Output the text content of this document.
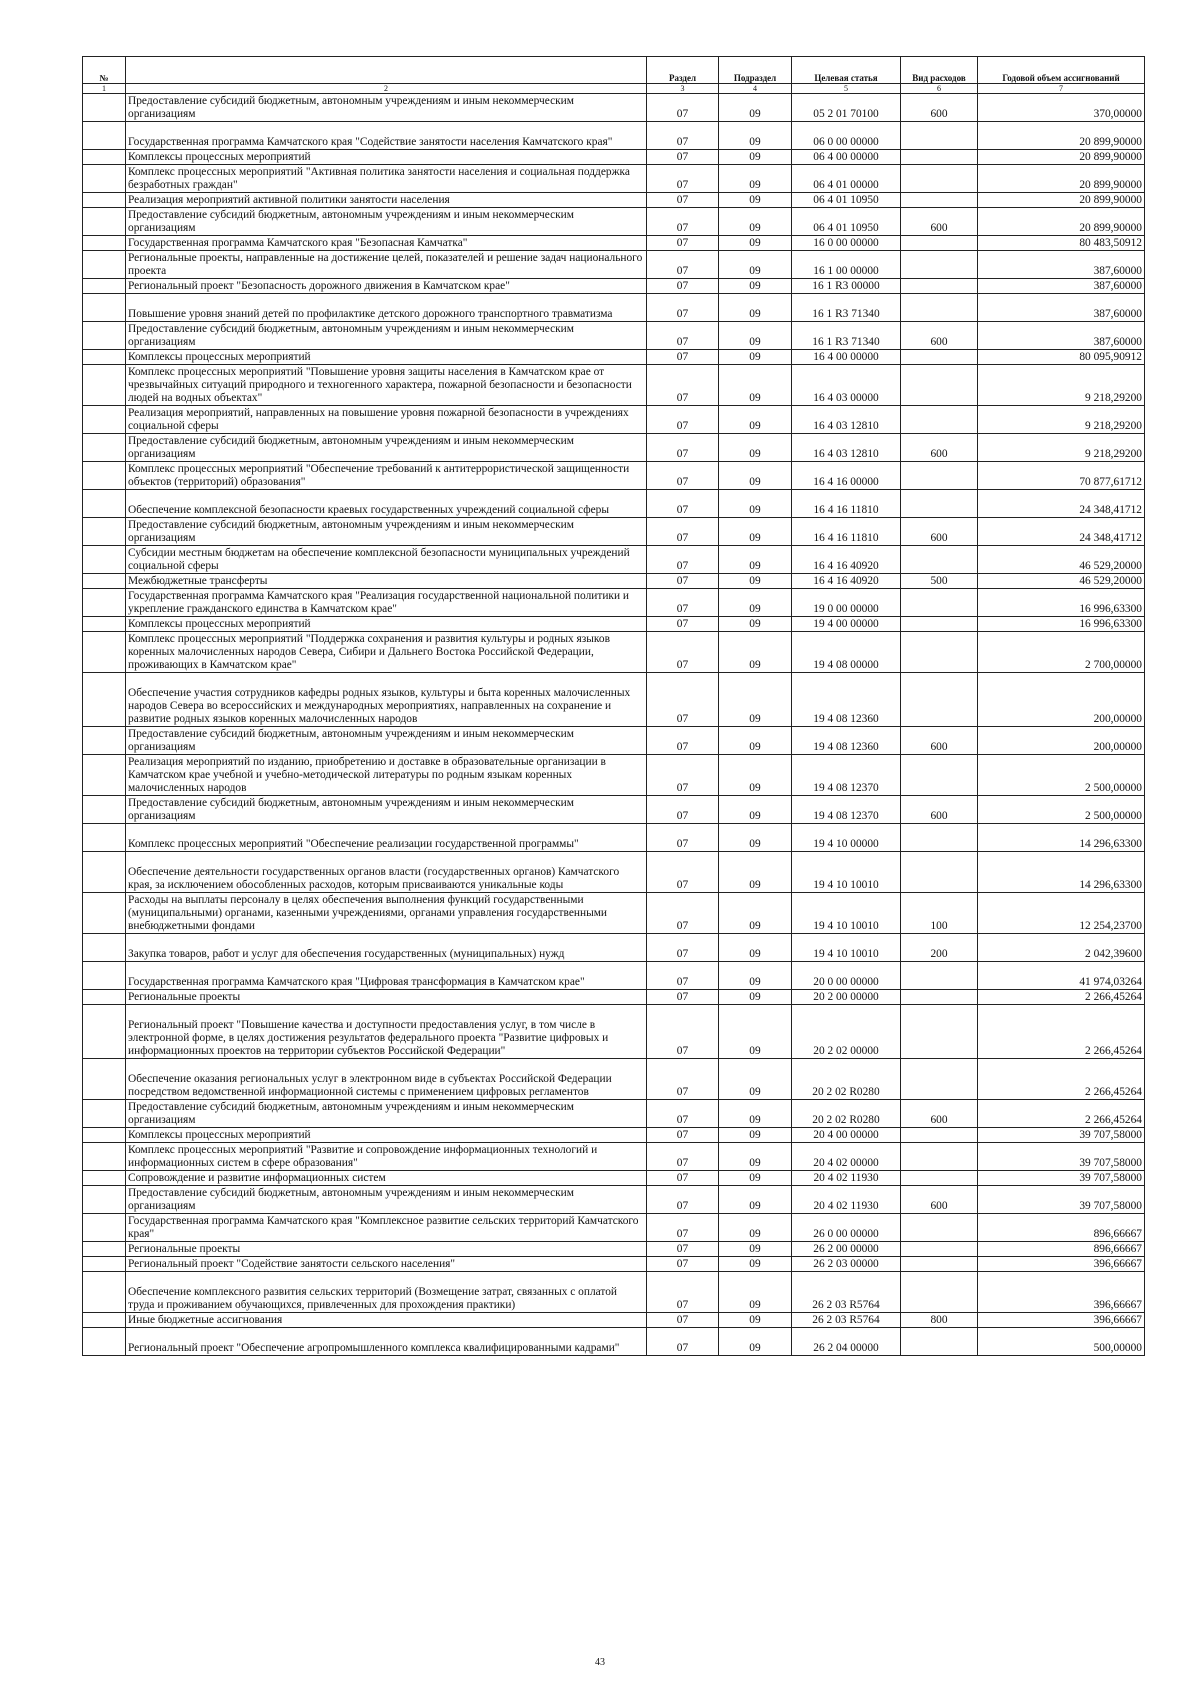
№		Раздел	Подраздел	Целевая статья	Вид расходов	Годовой объем ассигнований
1	2	3	4	5	6	7
	Предоставление субсидий бюджетным, автономным учреждениям и иным некоммерческим организациям	07	09	05 2 01 70100	600	370,00000
	Государственная программа Камчатского края "Содействие занятости населения Камчатского края"	07	09	06 0 00 00000		20 899,90000
	Комплексы процессных мероприятий	07	09	06 4 00 00000		20 899,90000
	Комплекс процессных мероприятий "Активная политика занятости населения и социальная поддержка безработных граждан"	07	09	06 4 01 00000		20 899,90000
	Реализация мероприятий активной политики занятости населения	07	09	06 4 01 10950		20 899,90000
	Предоставление субсидий бюджетным, автономным учреждениям и иным некоммерческим организациям	07	09	06 4 01 10950	600	20 899,90000
	Государственная программа Камчатского края "Безопасная Камчатка"	07	09	16 0 00 00000		80 483,50912
	Региональные проекты, направленные на достижение целей, показателей и решение задач национального проекта	07	09	16 1 00 00000		387,60000
	Региональный проект "Безопасность дорожного движения в Камчатском крае"	07	09	16 1 R3 00000		387,60000
	Повышение уровня знаний детей по профилактике детского дорожного транспортного травматизма	07	09	16 1 R3 71340		387,60000
	Предоставление субсидий бюджетным, автономным учреждениям и иным некоммерческим организациям	07	09	16 1 R3 71340	600	387,60000
	Комплексы процессных мероприятий	07	09	16 4 00 00000		80 095,90912
	Комплекс процессных мероприятий "Повышение уровня защиты населения в Камчатском крае от чрезвычайных ситуаций природного и техногенного характера, пожарной безопасности и безопасности людей на водных объектах"	07	09	16 4 03 00000		9 218,29200
	Реализация мероприятий, направленных на повышение уровня пожарной безопасности в учреждениях социальной сферы	07	09	16 4 03 12810		9 218,29200
	Предоставление субсидий бюджетным, автономным учреждениям и иным некоммерческим организациям	07	09	16 4 03 12810	600	9 218,29200
	Комплекс процессных мероприятий "Обеспечение требований к антитеррористической защищенности объектов (территорий) образования"	07	09	16 4 16 00000		70 877,61712
	Обеспечение комплексной безопасности краевых государственных учреждений социальной сферы	07	09	16 4 16 11810		24 348,41712
	Предоставление субсидий бюджетным, автономным учреждениям и иным некоммерческим организациям	07	09	16 4 16 11810	600	24 348,41712
	Субсидии местным бюджетам на обеспечение комплексной безопасности муниципальных учреждений социальной сферы	07	09	16 4 16 40920		46 529,20000
	Межбюджетные трансферты	07	09	16 4 16 40920	500	46 529,20000
	Государственная программа Камчатского края "Реализация государственной национальной политики и укрепление гражданского единства в Камчатском крае"	07	09	19 0 00 00000		16 996,63300
	Комплексы процессных мероприятий	07	09	19 4 00 00000		16 996,63300
	Комплекс процессных мероприятий "Поддержка сохранения и развития культуры и родных языков коренных малочисленных народов Севера, Сибири и Дальнего Востока Российской Федерации, проживающих в Камчатском крае"	07	09	19 4 08 00000		2 700,00000
	Обеспечение участия сотрудников кафедры родных языков, культуры и быта коренных малочисленных народов Севера во всероссийских и международных мероприятиях, направленных на сохранение и развитие родных языков коренных малочисленных народов	07	09	19 4 08 12360		200,00000
	Предоставление субсидий бюджетным, автономным учреждениям и иным некоммерческим организациям	07	09	19 4 08 12360	600	200,00000
	Реализация мероприятий по изданию, приобретению и доставке в образовательные организации в Камчатском крае учебной и учебно-методической литературы по родным языкам коренных малочисленных народов	07	09	19 4 08 12370		2 500,00000
	Предоставление субсидий бюджетным, автономным учреждениям и иным некоммерческим организациям	07	09	19 4 08 12370	600	2 500,00000
	Комплекс процессных мероприятий "Обеспечение реализации государственной программы"	07	09	19 4 10 00000		14 296,63300
	Обеспечение деятельности государственных органов власти (государственных органов) Камчатского края, за исключением обособленных расходов, которым присваиваются уникальные коды	07	09	19 4 10 10010		14 296,63300
	Расходы на выплаты персоналу в целях обеспечения выполнения функций государственными (муниципальными) органами, казенными учреждениями, органами управления государственными внебюджетными фондами	07	09	19 4 10 10010	100	12 254,23700
	Закупка товаров, работ и услуг для обеспечения государственных (муниципальных) нужд	07	09	19 4 10 10010	200	2 042,39600
	Государственная программа Камчатского края "Цифровая трансформация в Камчатском крае"	07	09	20 0 00 00000		41 974,03264
	Региональные проекты	07	09	20 2 00 00000		2 266,45264
	Региональный проект "Повышение качества и доступности предоставления услуг, в том числе в электронной форме, в целях достижения результатов федерального проекта "Развитие цифровых и информационных проектов на территории субъектов Российской Федерации"	07	09	20 2 02 00000		2 266,45264
	Обеспечение оказания региональных услуг в электронном виде в субъектах Российской Федерации посредством ведомственной информационной системы с применением цифровых регламентов	07	09	20 2 02 R0280		2 266,45264
	Предоставление субсидий бюджетным, автономным учреждениям и иным некоммерческим организациям	07	09	20 2 02 R0280	600	2 266,45264
	Комплексы процессных мероприятий	07	09	20 4 00 00000		39 707,58000
	Комплекс процессных мероприятий "Развитие и сопровождение информационных технологий и информационных систем в сфере образования"	07	09	20 4 02 00000		39 707,58000
	Сопровождение и развитие информационных систем	07	09	20 4 02 11930		39 707,58000
	Предоставление субсидий бюджетным, автономным учреждениям и иным некоммерческим организациям	07	09	20 4 02 11930	600	39 707,58000
	Государственная программа Камчатского края "Комплексное развитие сельских территорий Камчатского края"	07	09	26 0 00 00000		896,66667
	Региональные проекты	07	09	26 2 00 00000		896,66667
	Региональный проект "Содействие занятости сельского населения"	07	09	26 2 03 00000		396,66667
	Обеспечение комплексного развития сельских территорий (Возмещение затрат, связанных с оплатой труда и проживанием обучающихся, привлеченных для прохождения практики)	07	09	26 2 03 R5764		396,66667
	Иные бюджетные ассигнования	07	09	26 2 03 R5764	800	396,66667
	Региональный проект "Обеспечение агропромышленного комплекса квалифицированными кадрами"	07	09	26 2 04 00000		500,00000
43
